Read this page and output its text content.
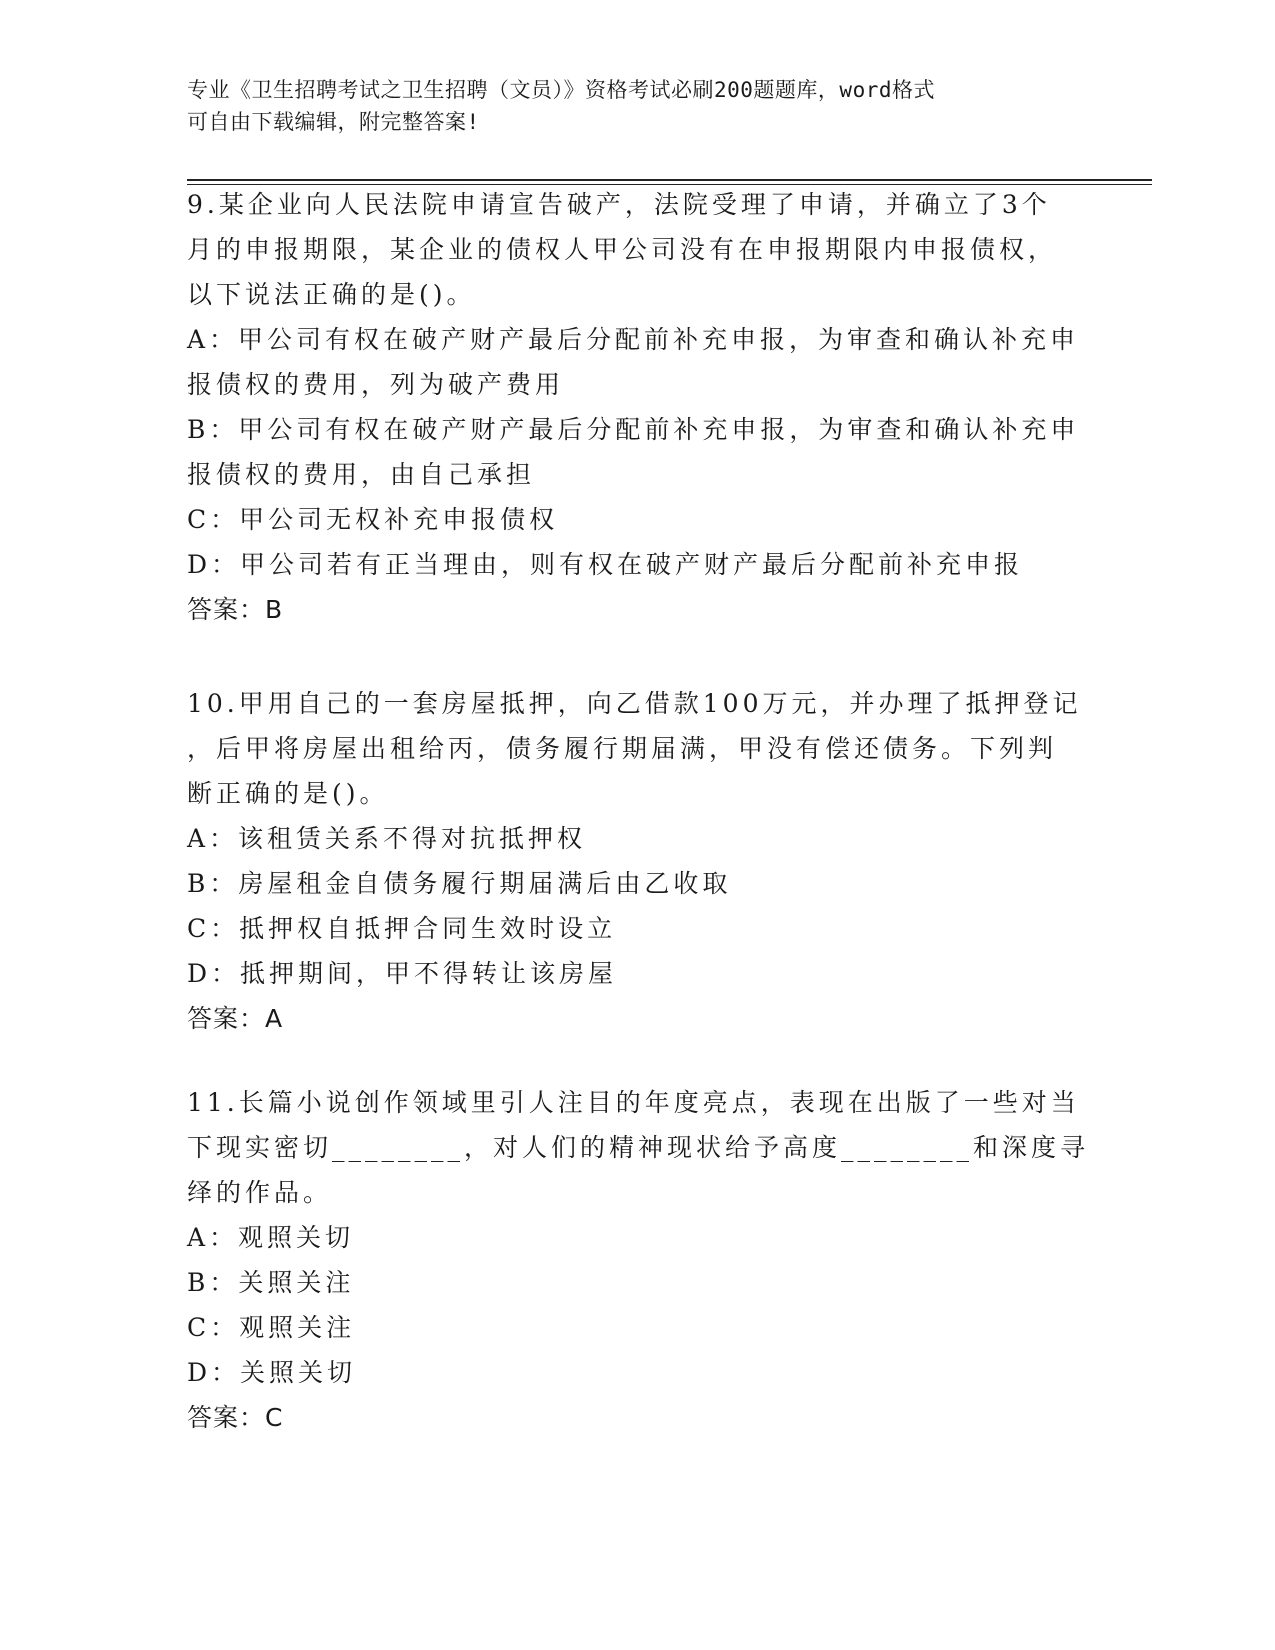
专业《卫生招聘考试之卫生招聘（文员）》资格考试必刷200题题库，word格式
可自由下载编辑，附完整答案!
9.某企业向人民法院申请宣告破产，法院受理了申请，并确立了3个
月的申报期限，某企业的债权人甲公司没有在申报期限内申报债权，
以下说法正确的是()。
A：甲公司有权在破产财产最后分配前补充申报，为审查和确认补充申
报债权的费用，列为破产费用
B：甲公司有权在破产财产最后分配前补充申报，为审查和确认补充申
报债权的费用，由自己承担
C：甲公司无权补充申报债权
D：甲公司若有正当理由，则有权在破产财产最后分配前补充申报
答案：B
10.甲用自己的一套房屋抵押，向乙借款100万元，并办理了抵押登记
，后甲将房屋出租给丙，债务履行期届满，甲没有偿还债务。下列判
断正确的是()。
A：该租赁关系不得对抗抵押权
B：房屋租金自债务履行期届满后由乙收取
C：抵押权自抵押合同生效时设立
D：抵押期间，甲不得转让该房屋
答案：A
11.长篇小说创作领域里引人注目的年度亮点，表现在出版了一些对当
下现实密切________，对人们的精神现状给予高度________和深度寻
绎的作品。
A：观照关切
B：关照关注
C：观照关注
D：关照关切
答案：C
